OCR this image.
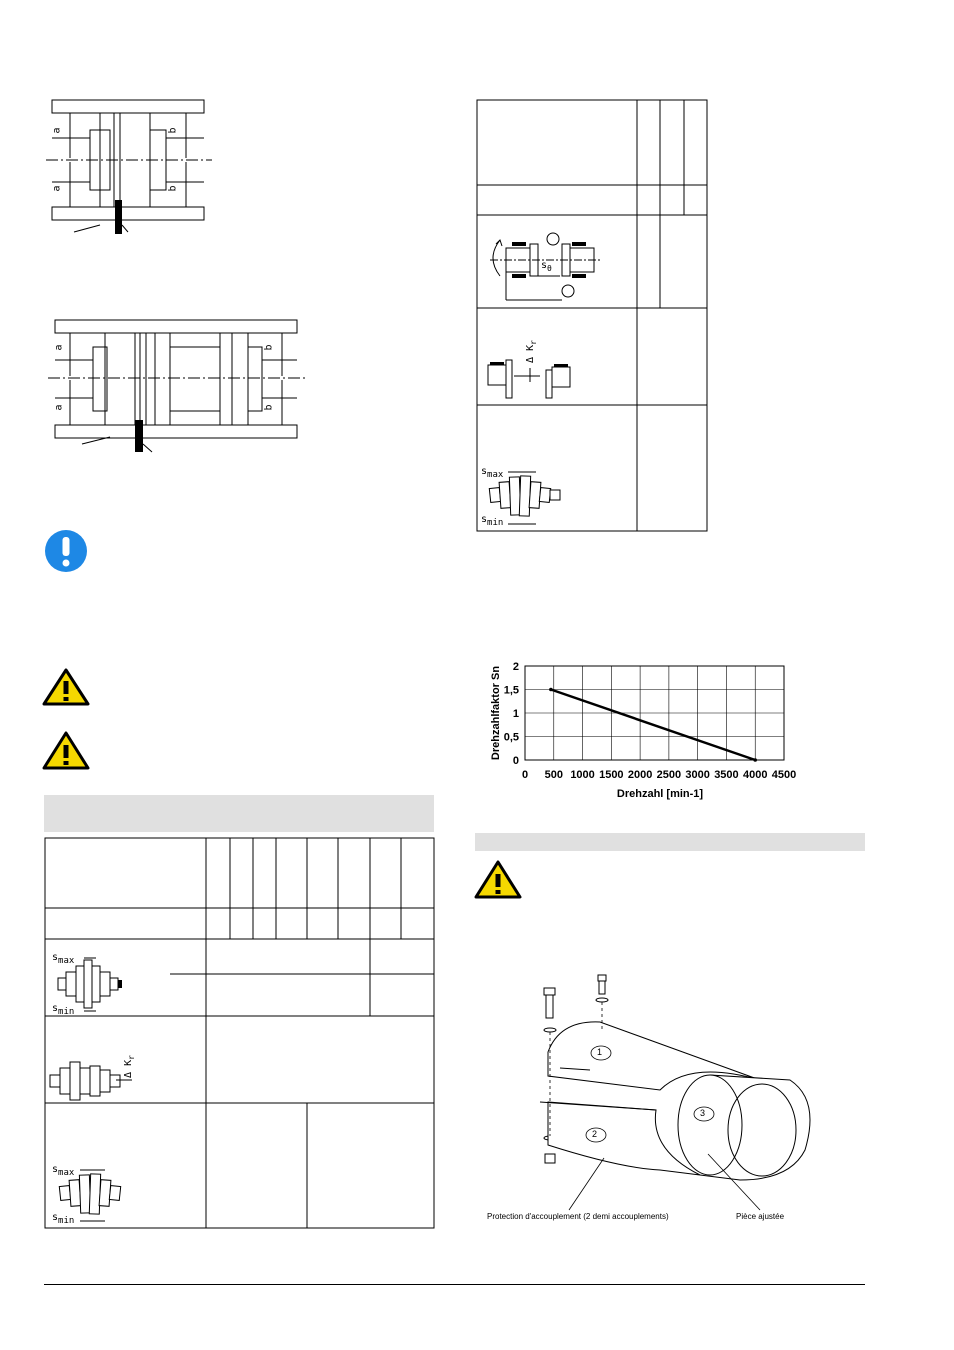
a
a
b
b
a
a
b
b
$s_{max}$
$s_{min}$
Δ $K_r$
$s_{max}$
$s_{min}$
$s_\theta$
Δ $K_r$
$s_{max}$
$s_{min}$
0 500 1000 1500 2000 2500 3000 3500 4000 4500
0
0,5
1
1,5
2
Drehzahlfaktor Sn
Drehzahl [min-1]
1
2
3
Protection d'accouplement (2 demi accouplements)	Pièce ajustée
